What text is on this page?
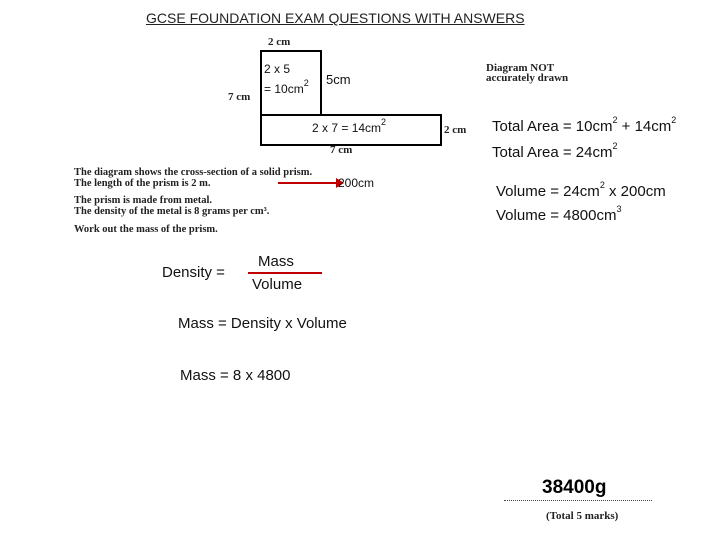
GCSE FOUNDATION EXAM QUESTIONS WITH ANSWERS
2 cm
7 cm
2 cm
7 cm
2 x 5
= $10cm^2$ 5cm
2 x $7 = 14cm^2$
Diagram NOT
accurately drawn
The diagram shows the cross-section of a solid prism.
The length of the prism is 2 m.
The prism is made from metal.
The density of the metal is 8 grams per cm³.
Work out the mass of the prism.
200cm
Total Area = $10cm^2 + 14cm^2$
Total Area = $24cm^2$
Volume = $24cm^2$ x 200cm
Volume = $4800cm^3$
Density =
Mass
Volume
Mass = Density x Volume
Mass = 8 x 4800
38400g
(Total 5 marks)
